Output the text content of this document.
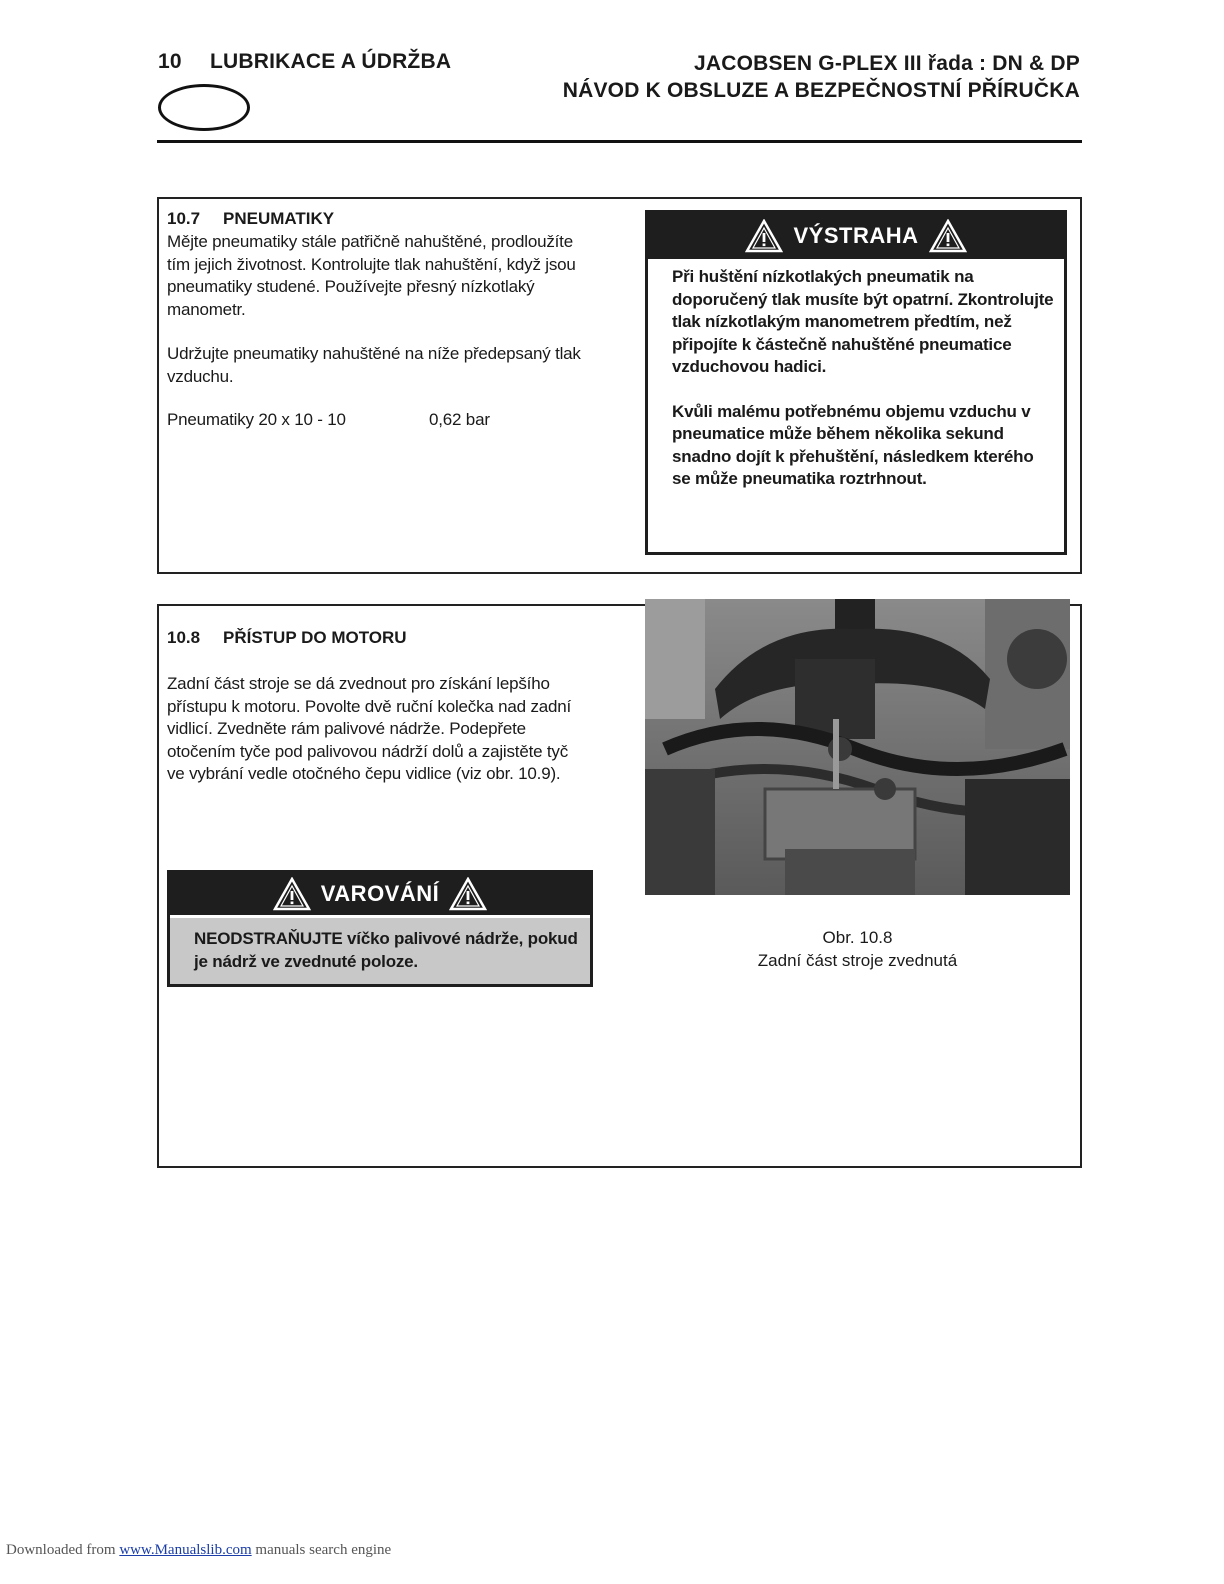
10 LUBRIKACE A ÚDRŽBA	JACOBSEN G-PLEX III řada : DN & DP
NÁVOD K OBSLUZE A BEZPEČNOSTNÍ PŘÍRUČKA
10.7 PNEUMATIKY
Mějte pneumatiky stále patřičně nahuštěné, prodloužíte tím jejich životnost. Kontrolujte tlak nahuštění, když jsou pneumatiky studené. Používejte přesný nízkotlaký manometr.
Udržujte pneumatiky nahuštěné na níže předepsaný tlak vzduchu.
Pneumatiky 20 x 10 - 10	0,62 bar
VÝSTRAHA

Při huštění nízkotlakých pneumatik na doporučený tlak musíte být opatrní. Zkontrolujte tlak nízkotlakým manometrem předtím, než připojíte k částečně nahuštěné pneumatice vzduchovou hadici.

Kvůli malému potřebnému objemu vzduchu v pneumatice může během několika sekund snadno dojít k přehuštění, následkem kterého se může pneumatika roztrhnout.

10.8 PŘÍSTUP DO MOTORU
Zadní část stroje se dá zvednout pro získání lepšího přístupu k motoru. Povolte dvě ruční kolečka nad zadní vidlicí. Zvedněte rám palivové nádrže. Podepřete otočením tyče pod palivovou nádrží dolů a zajistěte tyč ve vybrání vedle otočného čepu vidlice (viz obr. 10.9).
VAROVÁNÍ
NEODSTRAŇUJTE víčko palivové nádrže, pokud je nádrž ve zvednuté poloze.
Obr. 10.8
Zadní část stroje zvednutá
Downloaded from www.Manualslib.com manuals search engine
